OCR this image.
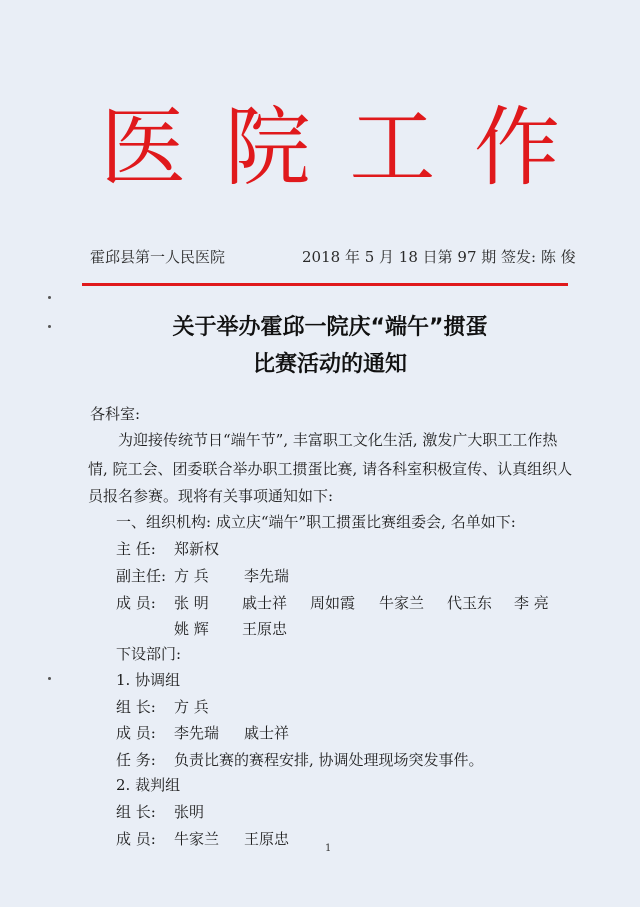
医 院 工 作
霍邱县第一人民医院	2018 年 5 月 18 日第 97 期 签发: 陈 俊
关于举办霍邱一院庆“端午”掼蛋
比赛活动的通知
各科室:
为迎接传统节日“端午节”, 丰富职工文化生活, 激发广大职工工作热
情, 院工会、团委联合举办职工掼蛋比赛, 请各科室积极宣传、认真组织人
员报名参赛。现将有关事项通知如下:
一、组织机构: 成立庆“端午”职工掼蛋比赛组委会, 名单如下:
主 任: 郑新权
副主任: 方 兵 李先瑞
成 员: 张 明 戚士祥 周如霞 牛家兰 代玉东 李 亮
姚 辉 王原忠
下设部门:
1. 协调组
组 长: 方 兵
成 员: 李先瑞 戚士祥
任 务: 负责比赛的赛程安排, 协调处理现场突发事件。
2. 裁判组
组 长: 张明
成 员: 牛家兰 王原忠
1
